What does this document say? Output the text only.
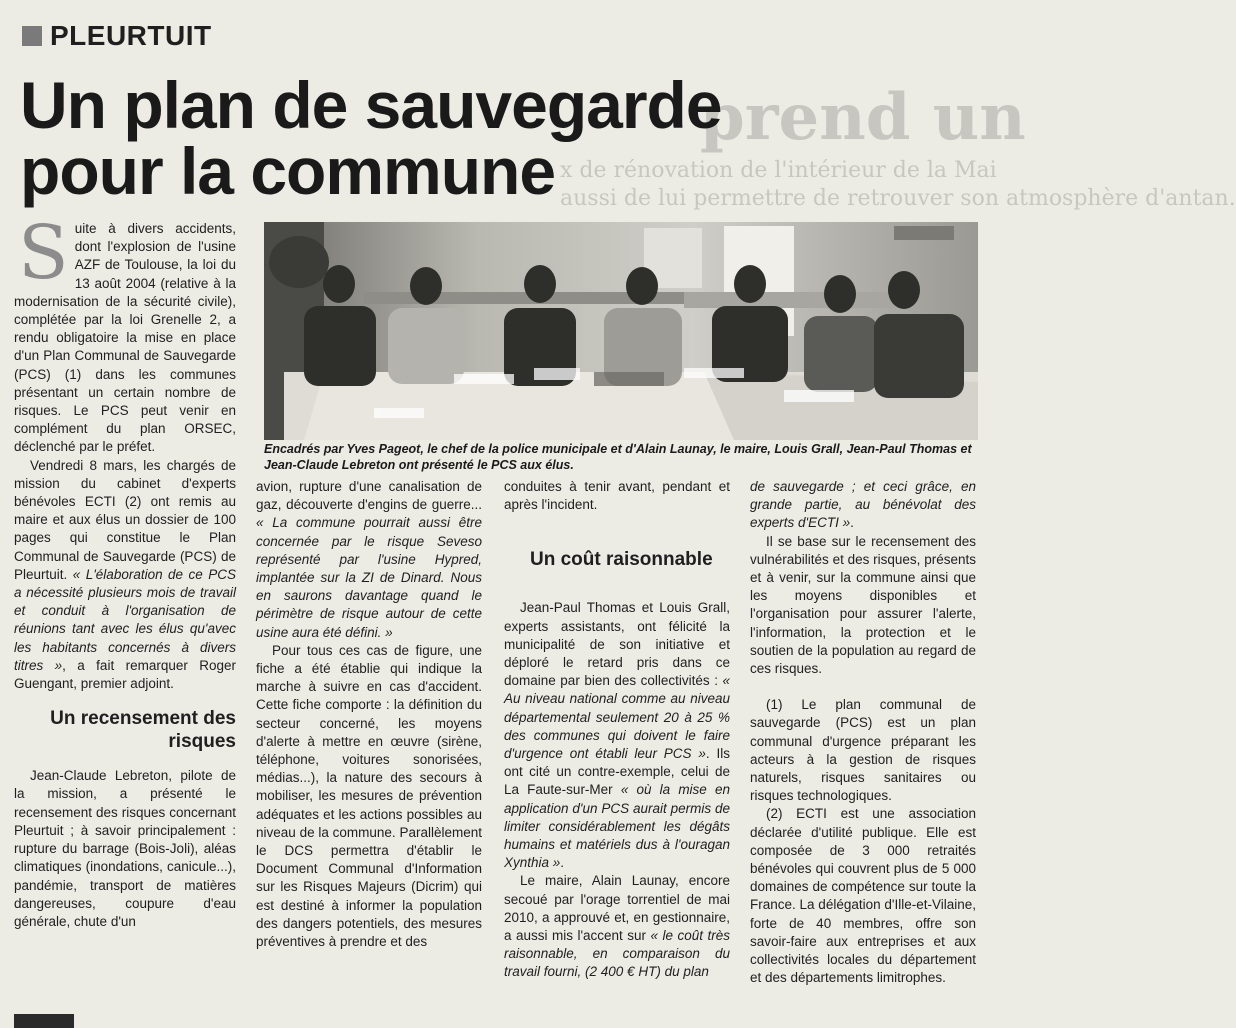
prend un
x de rénovation de l'intérieur de la Mai
aussi de lui permettre de retrouver son atmosphère d'antan.
PLEURTUIT
Un plan de sauvegarde
pour la commune

Encadrés par Yves Pageot, le chef de la police municipale et d'Alain Launay, le maire, Louis Grall, Jean-Paul Thomas et Jean-Claude Lebreton ont présenté le PCS aux élus.

Suite à divers accidents, dont l'explosion de l'usine AZF de Toulouse, la loi du 13 août 2004 (relative à la modernisation de la sécurité civile), complétée par la loi Grenelle 2, a rendu obligatoire la mise en place d'un Plan Communal de Sauvegarde (PCS) (1) dans les communes présentant un certain nombre de risques. Le PCS peut venir en complément du plan ORSEC, déclenché par le préfet.

Vendredi 8 mars, les chargés de mission du cabinet d'experts bénévoles ECTI (2) ont remis au maire et aux élus un dossier de 100 pages qui constitue le Plan Communal de Sauvegarde (PCS) de Pleurtuit. « L'élaboration de ce PCS a nécessité plusieurs mois de travail et conduit à l'organisation de réunions tant avec les élus qu'avec les habitants concernés à divers titres », a fait remarquer Roger Guengant, premier adjoint.

Un recensement des risques

Jean-Claude Lebreton, pilote de la mission, a présenté le recensement des risques concernant Pleurtuit ; à savoir principalement : rupture du barrage (Bois-Joli), aléas climatiques (inondations, canicule...), pandémie, transport de matières dangereuses, coupure d'eau générale, chute d'un

avion, rupture d'une canalisation de gaz, découverte d'engins de guerre... « La commune pourrait aussi être concernée par le risque Seveso représenté par l'usine Hypred, implantée sur la ZI de Dinard. Nous en saurons davantage quand le périmètre de risque autour de cette usine aura été défini. »

Pour tous ces cas de figure, une fiche a été établie qui indique la marche à suivre en cas d'accident. Cette fiche comporte : la définition du secteur concerné, les moyens d'alerte à mettre en œuvre (sirène, téléphone, voitures sonorisées, médias...), la nature des secours à mobiliser, les mesures de prévention adéquates et les actions possibles au niveau de la commune. Parallèlement le DCS permettra d'établir le Document Communal d'Information sur les Risques Majeurs (Dicrim) qui est destiné à informer la population des dangers potentiels, des mesures préventives à prendre et des

conduites à tenir avant, pendant et après l'incident.

Un coût raisonnable

Jean-Paul Thomas et Louis Grall, experts assistants, ont félicité la municipalité de son initiative et déploré le retard pris dans ce domaine par bien des collectivités : « Au niveau national comme au niveau départemental seulement 20 à 25 % des communes qui doivent le faire d'urgence ont établi leur PCS ». Ils ont cité un contre-exemple, celui de La Faute-sur-Mer « où la mise en application d'un PCS aurait permis de limiter considérablement les dégâts humains et matériels dus à l'ouragan Xynthia ».

Le maire, Alain Launay, encore secoué par l'orage torrentiel de mai 2010, a approuvé et, en gestionnaire, a aussi mis l'accent sur « le coût très raisonnable, en comparaison du travail fourni, (2 400 € HT) du plan

de sauvegarde ; et ceci grâce, en grande partie, au bénévolat des experts d'ECTI ».

Il se base sur le recensement des vulnérabilités et des risques, présents et à venir, sur la commune ainsi que les moyens disponibles et l'organisation pour assurer l'alerte, l'information, la protection et le soutien de la population au regard de ces risques.

(1) Le plan communal de sauvegarde (PCS) est un plan communal d'urgence préparant les acteurs à la gestion de risques naturels, risques sanitaires ou risques technologiques.

(2) ECTI est une association déclarée d'utilité publique. Elle est composée de 3 000 retraités bénévoles qui couvrent plus de 5 000 domaines de compétence sur toute la France. La délégation d'Ille-et-Vilaine, forte de 40 membres, offre son savoir-faire aux entreprises et aux collectivités locales du département et des départements limitrophes.
